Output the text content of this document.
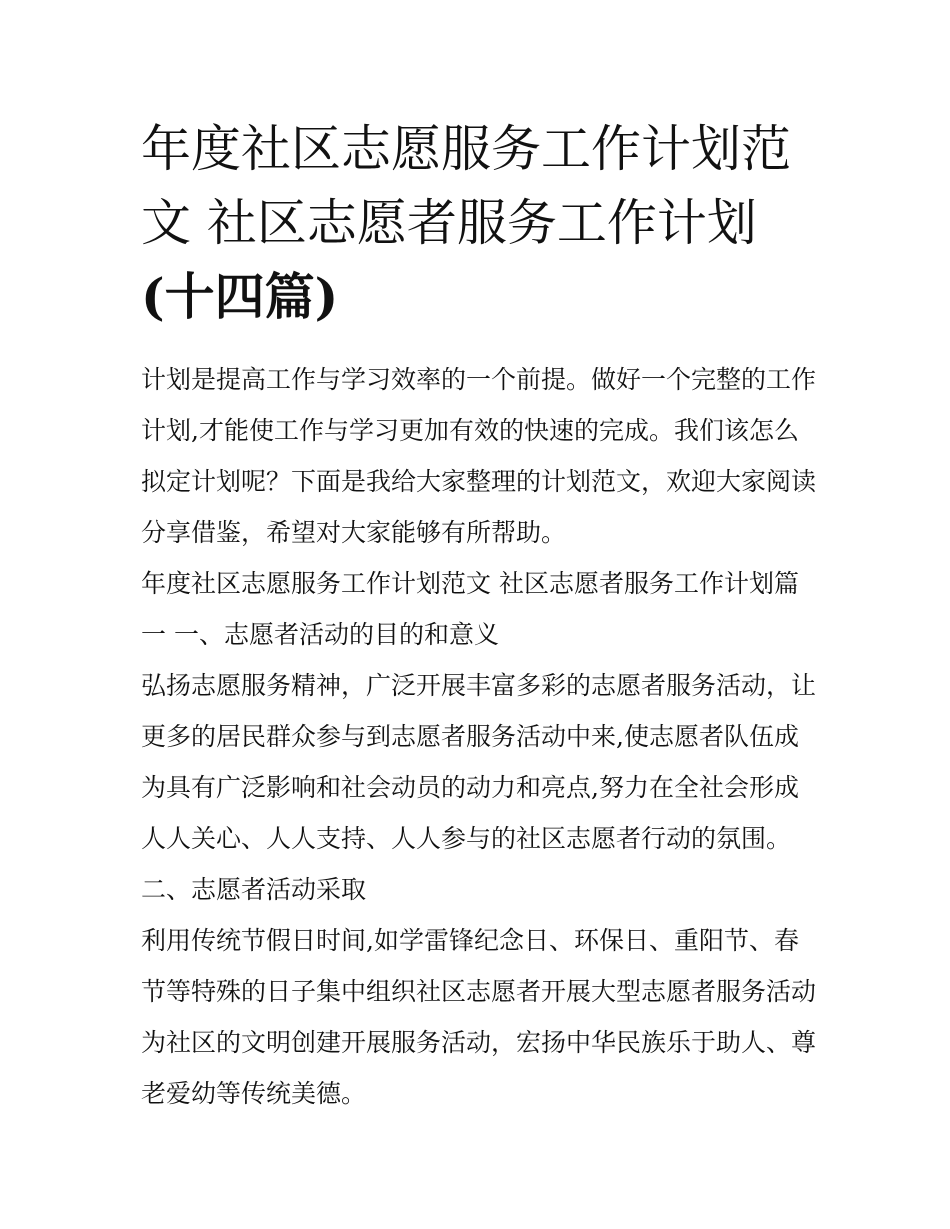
年度社区志愿服务工作计划范
文 社区志愿者服务工作计划
(十四篇)
计划是提高工作与学习效率的一个前提。做好一个完整的工作
计划,才能使工作与学习更加有效的快速的完成。我们该怎么
拟定计划呢？下面是我给大家整理的计划范文，欢迎大家阅读
分享借鉴，希望对大家能够有所帮助。
年度社区志愿服务工作计划范文 社区志愿者服务工作计划篇
一 一、志愿者活动的目的和意义
弘扬志愿服务精神，广泛开展丰富多彩的志愿者服务活动，让
更多的居民群众参与到志愿者服务活动中来,使志愿者队伍成
为具有广泛影响和社会动员的动力和亮点,努力在全社会形成
人人关心、人人支持、人人参与的社区志愿者行动的氛围。
二、志愿者活动采取
利用传统节假日时间,如学雷锋纪念日、环保日、重阳节、春
节等特殊的日子集中组织社区志愿者开展大型志愿者服务活动
为社区的文明创建开展服务活动，宏扬中华民族乐于助人、尊
老爱幼等传统美德。
